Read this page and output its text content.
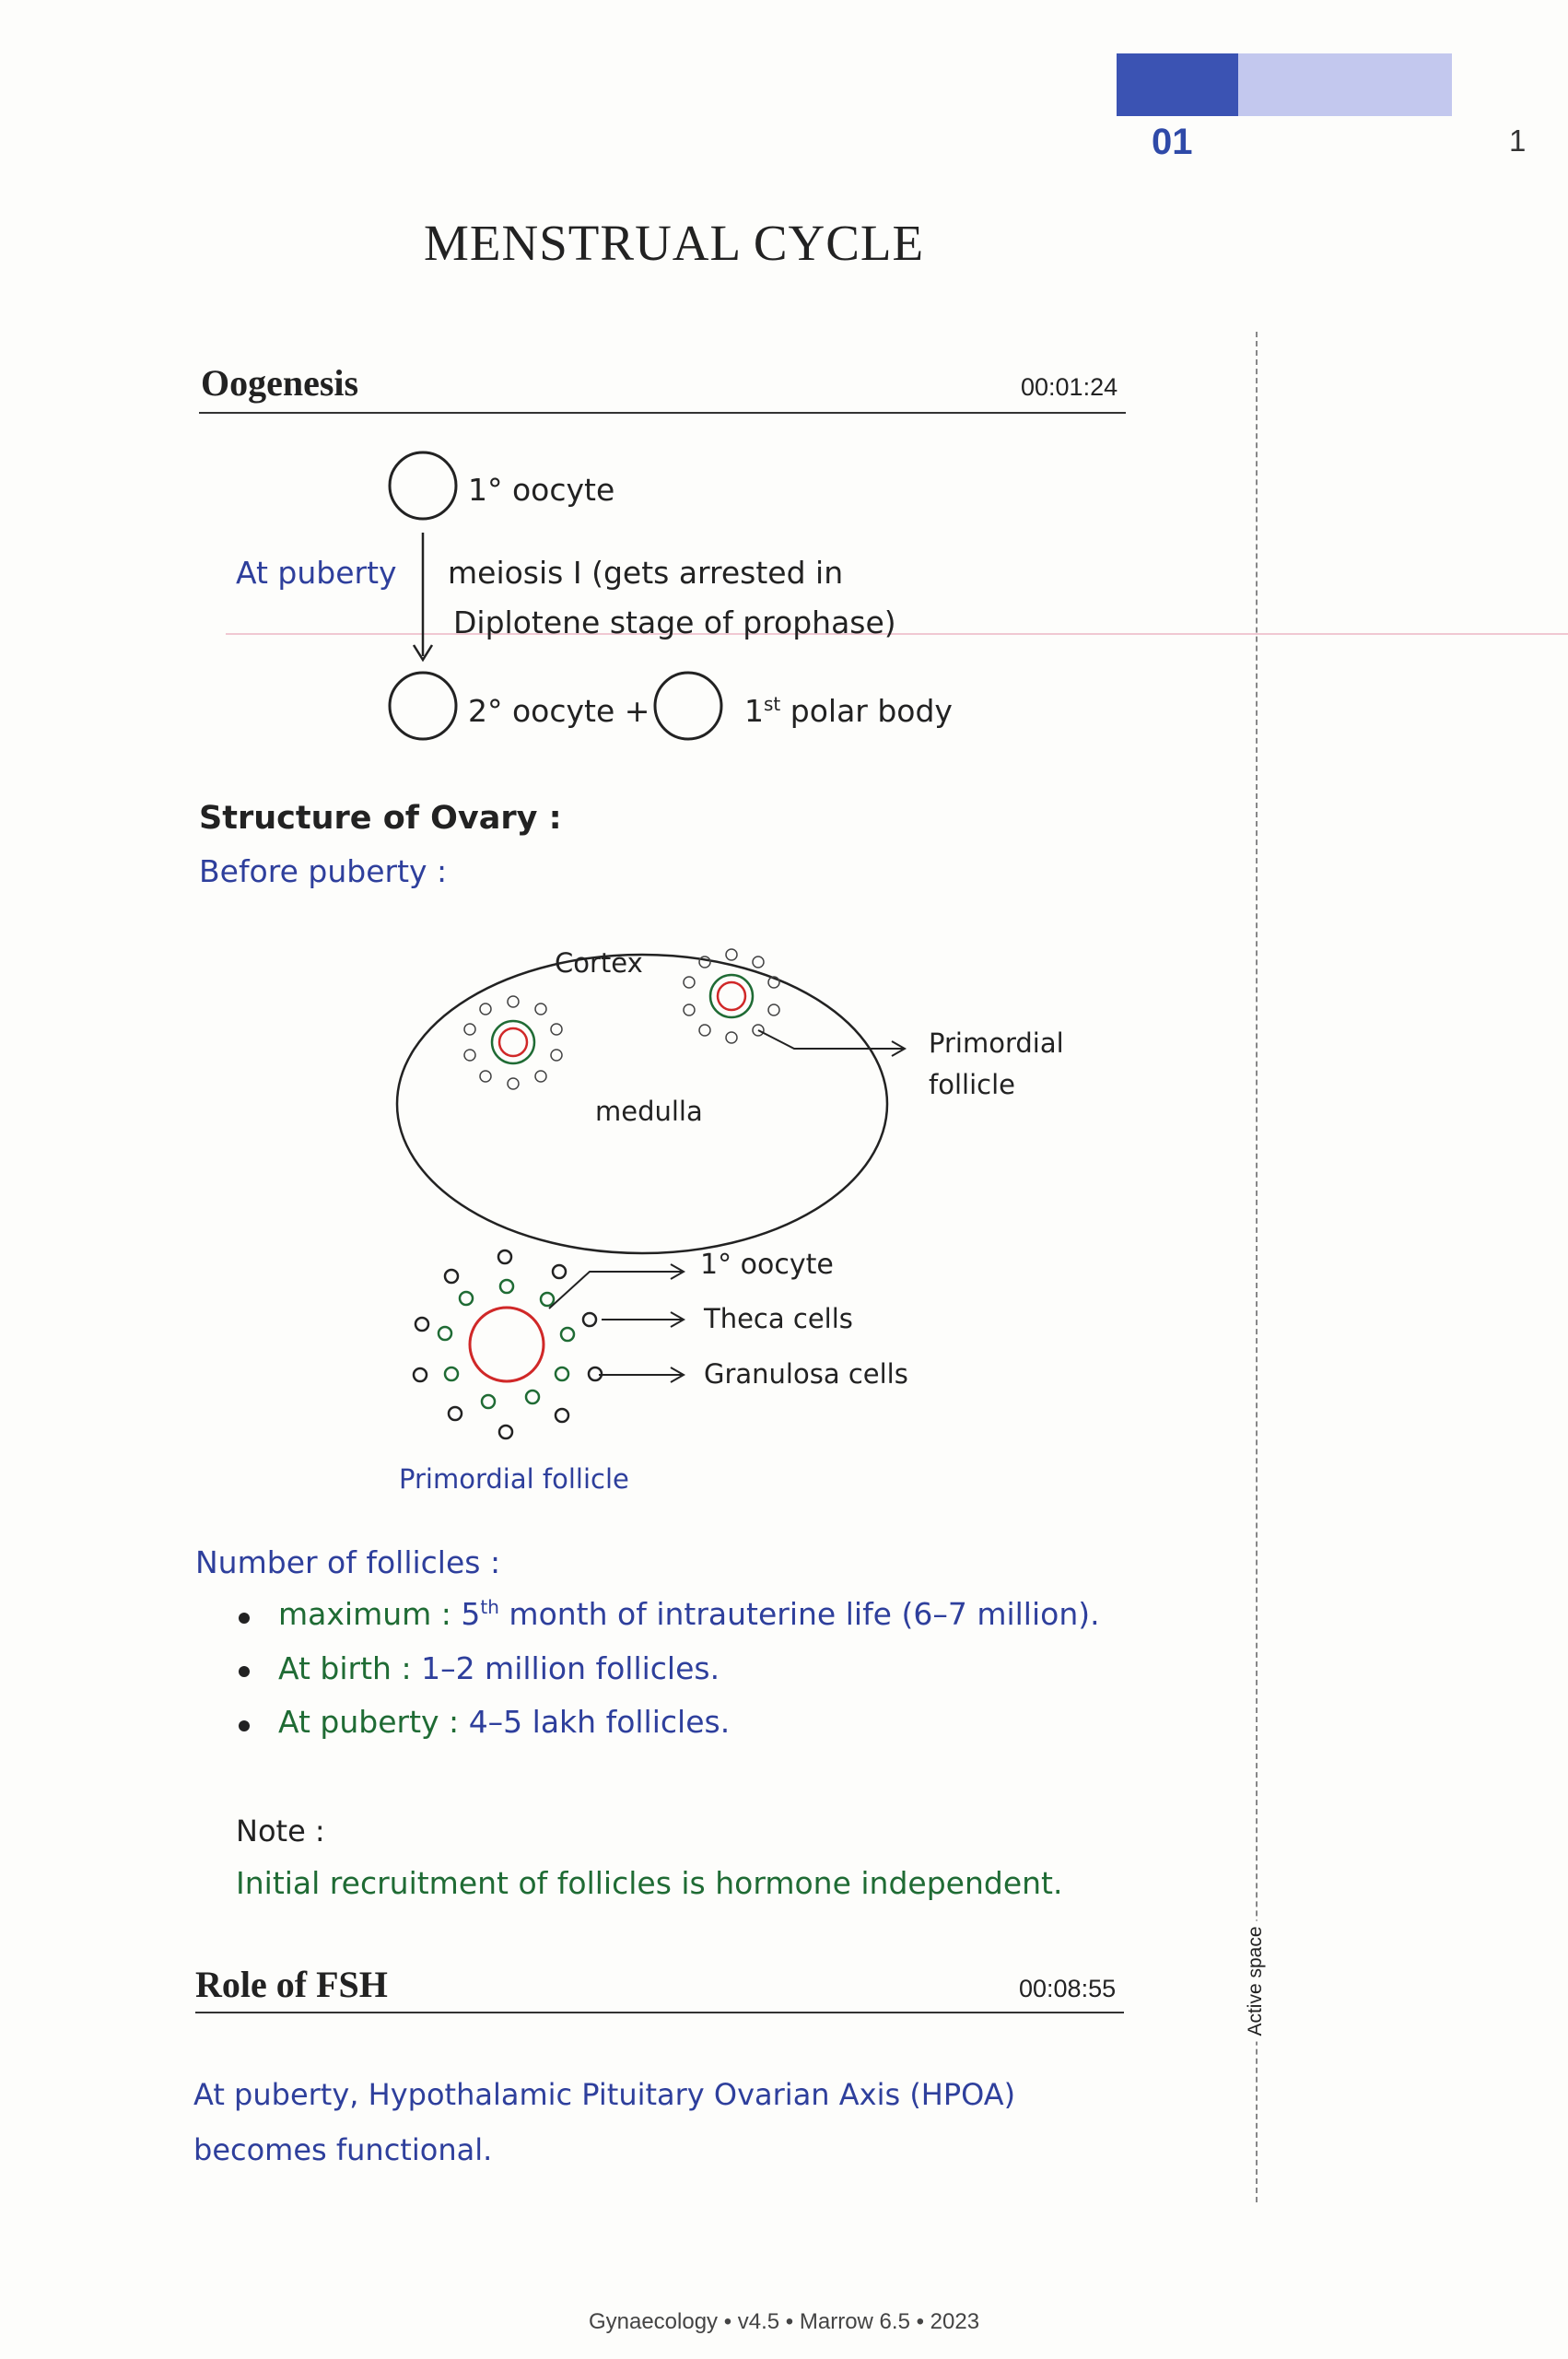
01	1
MENSTRUAL CYCLE
Oogenesis	00:01:24
1° oocyte
At puberty meiosis I (gets arrested in
Diplotene stage of prophase)
2° oocyte +	1st polar body
Structure of Ovary :
Before puberty :
Cortex
medulla
Primordial
follicle
1° oocyte
Theca cells
Granulosa cells
Primordial follicle
Number of follicles :
maximum : 5th month of intrauterine life (6–7 million).
At birth : 1–2 million follicles.
At puberty : 4–5 lakh follicles.
Note :
Initial recruitment of follicles is hormone independent.
Role of FSH	00:08:55
At puberty, Hypothalamic Pituitary Ovarian Axis (HPOA)
becomes functional.
Active space
Gynaecology • v4.5 • Marrow 6.5 • 2023
